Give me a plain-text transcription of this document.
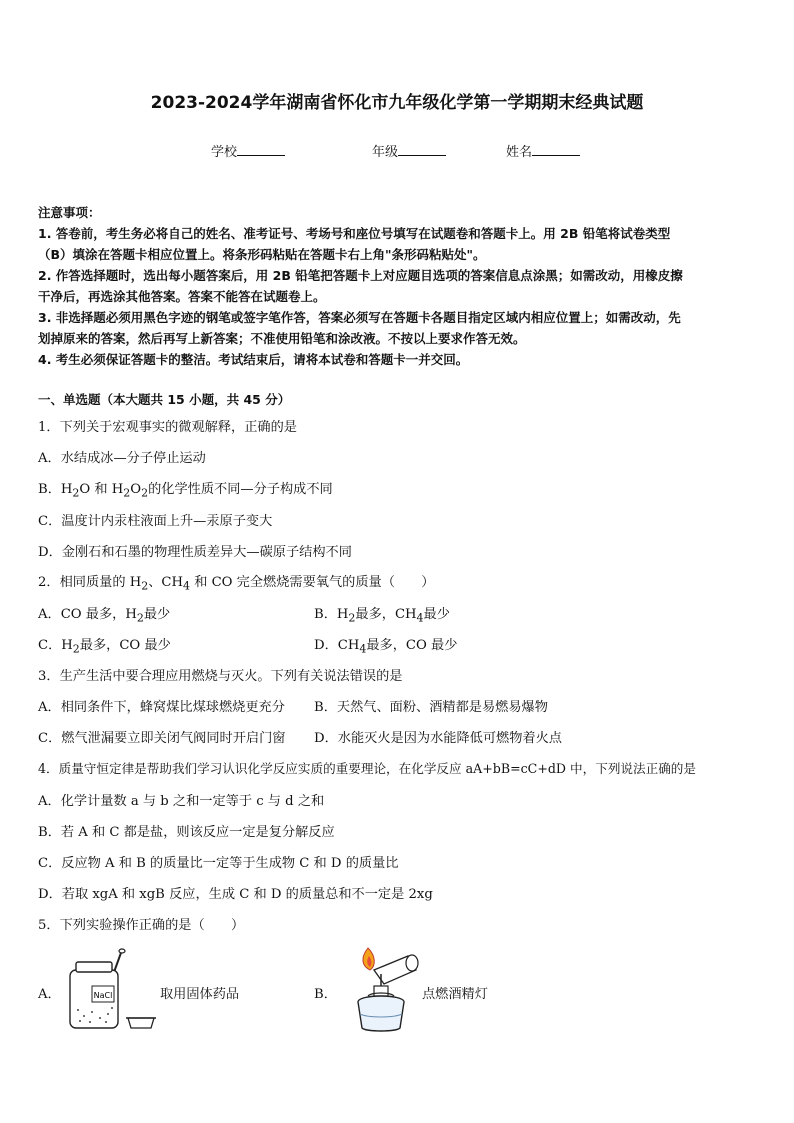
2023-2024学年湖南省怀化市九年级化学第一学期期末经典试题
学校	年级	姓名
注意事项：
1. 答卷前，考生务必将自己的姓名、准考证号、考场号和座位号填写在试题卷和答题卡上。用 2B 铅笔将试卷类型
（B）填涂在答题卡相应位置上。将条形码粘贴在答题卡右上角"条形码粘贴处"。
2. 作答选择题时，选出每小题答案后，用 2B 铅笔把答题卡上对应题目选项的答案信息点涂黑；如需改动，用橡皮擦
干净后，再选涂其他答案。答案不能答在试题卷上。
3. 非选择题必须用黑色字迹的钢笔或签字笔作答，答案必须写在答题卡各题目指定区域内相应位置上；如需改动，先
划掉原来的答案，然后再写上新答案；不准使用铅笔和涂改液。不按以上要求作答无效。
4. 考生必须保证答题卡的整洁。考试结束后，请将本试卷和答题卡一并交回。
一、单选题（本大题共 15 小题，共 45 分）
1．下列关于宏观事实的微观解释，正确的是
A．水结成冰—分子停止运动
B．$H_2O$ 和 $H_2O_2$的化学性质不同—分子构成不同
C．温度计内汞柱液面上升—汞原子变大
D．金刚石和石墨的物理性质差异大—碳原子结构不同
2．相同质量的 $H_2$、$CH_4$ 和 CO 完全燃烧需要氧气的质量（　　）
A．CO 最多，$H_2$最少	B．$H_2$最多，$CH_4$最少
C．$H_2$最多，CO 最少	D．$CH_4$最多，CO 最少
3．生产生活中要合理应用燃烧与灭火。下列有关说法错误的是
A．相同条件下，蜂窝煤比煤球燃烧更充分 B．天然气、面粉、酒精都是易燃易爆物
C．燃气泄漏要立即关闭气阀同时开启门窗 D．水能灭火是因为水能降低可燃物着火点
4．质量守恒定律是帮助我们学习认识化学反应实质的重要理论，在化学反应 aA+bB=cC+dD 中，下列说法正确的是
A．化学计量数 a 与 b 之和一定等于 c 与 d 之和
B．若 A 和 C 都是盐，则该反应一定是复分解反应
C．反应物 A 和 B 的质量比一定等于生成物 C 和 D 的质量比
D．若取 xgA 和 xgB 反应，生成 C 和 D 的质量总和不一定是 2xg
5．下列实验操作正确的是（　　）
A．	NaCl	取用固体药品	B．	点燃酒精灯
